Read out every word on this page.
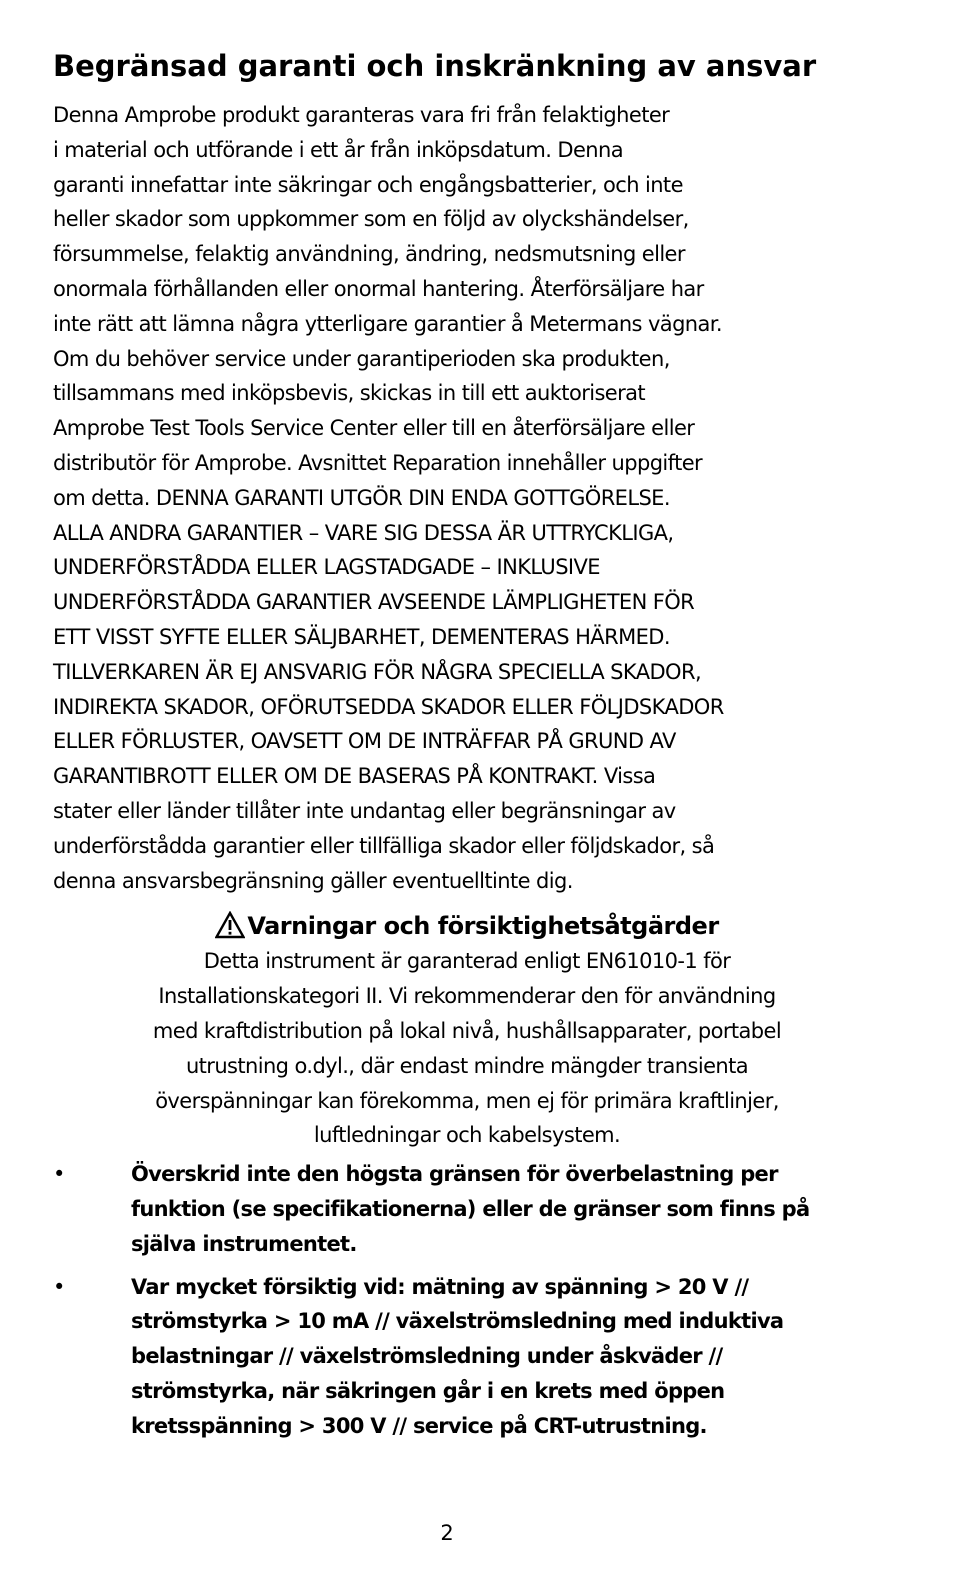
Begränsad garanti och inskränkning av ansvar

Denna Amprobe produkt garanteras vara fri från felaktigheter
i material och utförande i ett år från inköpsdatum. Denna
garanti innefattar inte säkringar och engångsbatterier, och inte
heller skador som uppkommer som en följd av olyckshändelser,
försummelse, felaktig användning, ändring, nedsmutsning eller
onormala förhållanden eller onormal hantering. Återförsäljare har
inte rätt att lämna några ytterligare garantier å Metermans vägnar.
Om du behöver service under garantiperioden ska produkten,
tillsammans med inköpsbevis, skickas in till ett auktoriserat
Amprobe Test Tools Service Center eller till en återförsäljare eller
distributör för Amprobe. Avsnittet Reparation innehåller uppgifter
om detta. DENNA GARANTI UTGÖR DIN ENDA GOTTGÖRELSE.
ALLA ANDRA GARANTIER – VARE SIG DESSA ÄR UTTRYCKLIGA,
UNDERFÖRSTÅDDA ELLER LAGSTADGADE – INKLUSIVE
UNDERFÖRSTÅDDA GARANTIER AVSEENDE LÄMPLIGHETEN FÖR
ETT VISST SYFTE ELLER SÄLJBARHET, DEMENTERAS HÄRMED.
TILLVERKAREN ÄR EJ ANSVARIG FÖR NÅGRA SPECIELLA SKADOR,
INDIREKTA SKADOR, OFÖRUTSEDDA SKADOR ELLER FÖLJDSKADOR
ELLER FÖRLUSTER, OAVSETT OM DE INTRÄFFAR PÅ GRUND AV
GARANTIBROTT ELLER OM DE BASERAS PÅ KONTRAKT. Vissa
stater eller länder tillåter inte undantag eller begränsningar av
underförstådda garantier eller tillfälliga skador eller följdskador, så
denna ansvarsbegränsning gäller eventuelltinte dig.

Varningar och försiktighetsåtgärder

Detta instrument är garanterad enligt EN61010-1 för
Installationskategori II. Vi rekommenderar den för användning
med kraftdistribution på lokal nivå, hushållsapparater, portabel
utrustning o.dyl., där endast mindre mängder transienta
överspänningar kan förekomma, men ej för primära kraftlinjer,
luftledningar och kabelsystem.

•	Överskrid inte den högsta gränsen för överbelastning per
funktion (se specifikationerna) eller de gränser som finns på
själva instrumentet.
•	Var mycket försiktig vid: mätning av spänning > 20 V //
strömstyrka > 10 mA // växelströmsledning med induktiva
belastningar // växelströmsledning under åskväder //
strömstyrka, när säkringen går i en krets med öppen
kretsspänning > 300 V // service på CRT-utrustning.
2
